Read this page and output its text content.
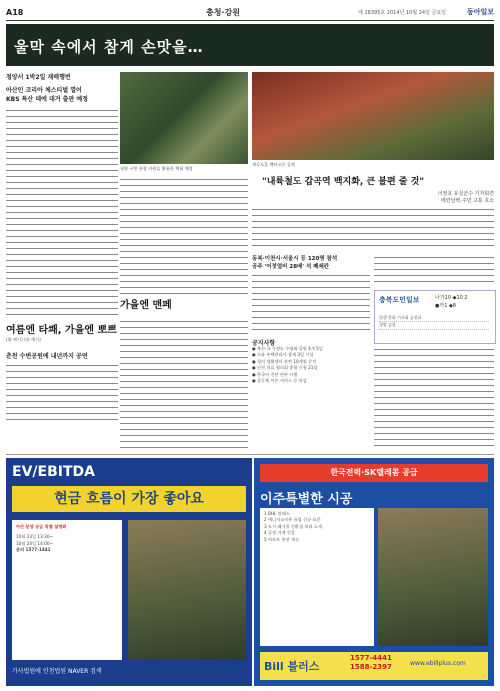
A18	충청·강원	제 28395호 2014년 10월 24일 금요일	동아일보
울막 속에서 참게 손맛을…
청양서 1박2일 재배행번
아산인 코리아 체스티벌 열어
KBS 특산 데에 대거 출판 예정
여름엔 타쾌, 가을엔 뽀쁘
(위 예시) (위 예시)
춘천 수변공원에 내년까지 공연
청양 구봉 관광 자원을 활용한 체험 예정
계곡도을 백단오론 공원
"내륙철도 갑곡역 백지화, 큰 불편 줄 것"
이영호 유실군수 기자회견
에런날벽·주민 고통 호소
가을엔 맨페
동복·이천시·서울시 등 120명 참석
공주 '어젓열비 28배' 석 폐쇄칸
공지사항
● 북산·국 가정도 수영회·공원 4개 5일
● 소유 주택관리사 참재 3일 시설
● 청의 생활센터 관련 10개월 문진
● 인천 의료 협의회 종합 신청 21일
● 한국어 진단 연주 시범
● 공동체 이론 서비스 등 마감
충북도민일보	나가10 ◆10 2
●카1 ◆8
위생 총회 기자회 공천표
청양 김장
EV/EBITDA
현금 흐름이 가장 좋아요
아산 분양 공급 특별 설명회
10월 23일 13:30~
10월 24일 14:00~
문의 1577-1441
가사법원에 인천법원 NAVER 검색
한국전력·SK텔레콤 공급
이주특별한 시공
1 BHL 블레스
2 에너지소비용 유럽 신규 표준
3 도시 폐기물 친환경 처리 소재
4 공정 자재 인증
5 아파트 현장 개선
Bill 블러스
1577-4441
1588-2397	www.ebillplus.com
